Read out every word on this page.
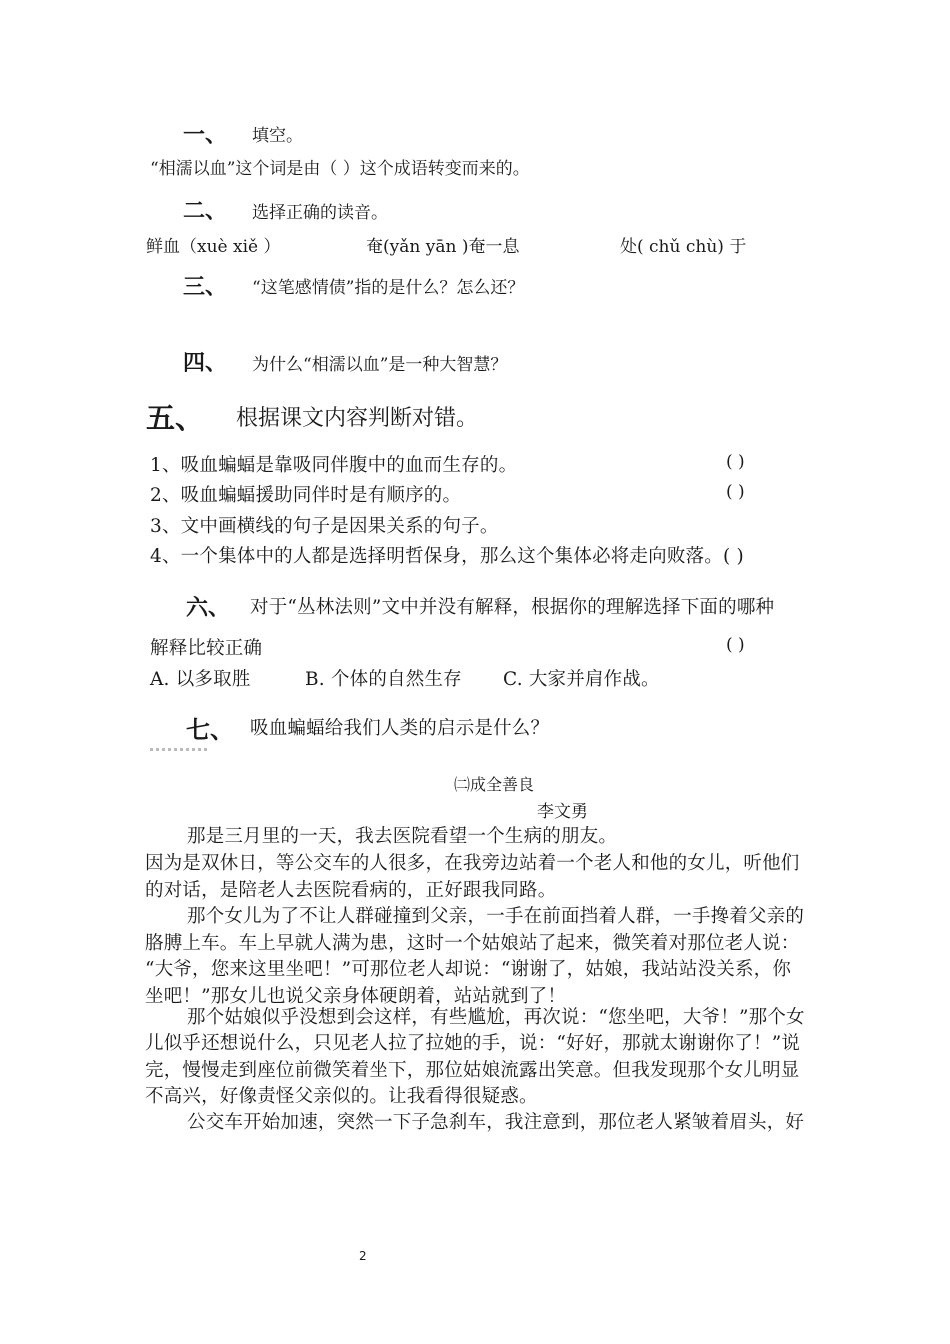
一、 填空。
“相濡以血”这个词是由（ ）这个成语转变而来的。
二、 选择正确的读音。
鲜血（xuè xiě ）	奄(yǎn yān )奄一息	处( chǔ chù) 于
三、 “这笔感情债”指的是什么？怎么还？
四、 为什么“相濡以血”是一种大智慧？
五、 根据课文内容判断对错。
1、吸血蝙蝠是靠吸同伴腹中的血而生存的。	( )
2、吸血蝙蝠援助同伴时是有顺序的。	( )
3、文中画横线的句子是因果关系的句子。
4、一个集体中的人都是选择明哲保身，那么这个集体必将走向败落。( )
六、 对于“丛林法则”文中并没有解释，根据你的理解选择下面的哪种
解释比较正确	( )
A. 以多取胜	B. 个体的自然生存 C. 大家并肩作战。
七、 吸血蝙蝠给我们人类的启示是什么？
㈡成全善良
李文勇
那是三月里的一天，我去医院看望一个生病的朋友。
因为是双休日，等公交车的人很多，在我旁边站着一个老人和他的女儿，听他们
的对话，是陪老人去医院看病的，正好跟我同路。
那个女儿为了不让人群碰撞到父亲，一手在前面挡着人群，一手搀着父亲的
胳膊上车。车上早就人满为患，这时一个姑娘站了起来，微笑着对那位老人说：
“大爷，您来这里坐吧！”可那位老人却说：“谢谢了，姑娘，我站站没关系，你
坐吧！”那女儿也说父亲身体硬朗着，站站就到了！
那个姑娘似乎没想到会这样，有些尴尬，再次说：“您坐吧，大爷！”那个女
儿似乎还想说什么，只见老人拉了拉她的手，说：“好好，那就太谢谢你了！”说
完，慢慢走到座位前微笑着坐下，那位姑娘流露出笑意。但我发现那个女儿明显
不高兴，好像责怪父亲似的。让我看得很疑惑。
公交车开始加速，突然一下子急刹车，我注意到，那位老人紧皱着眉头，好
2
